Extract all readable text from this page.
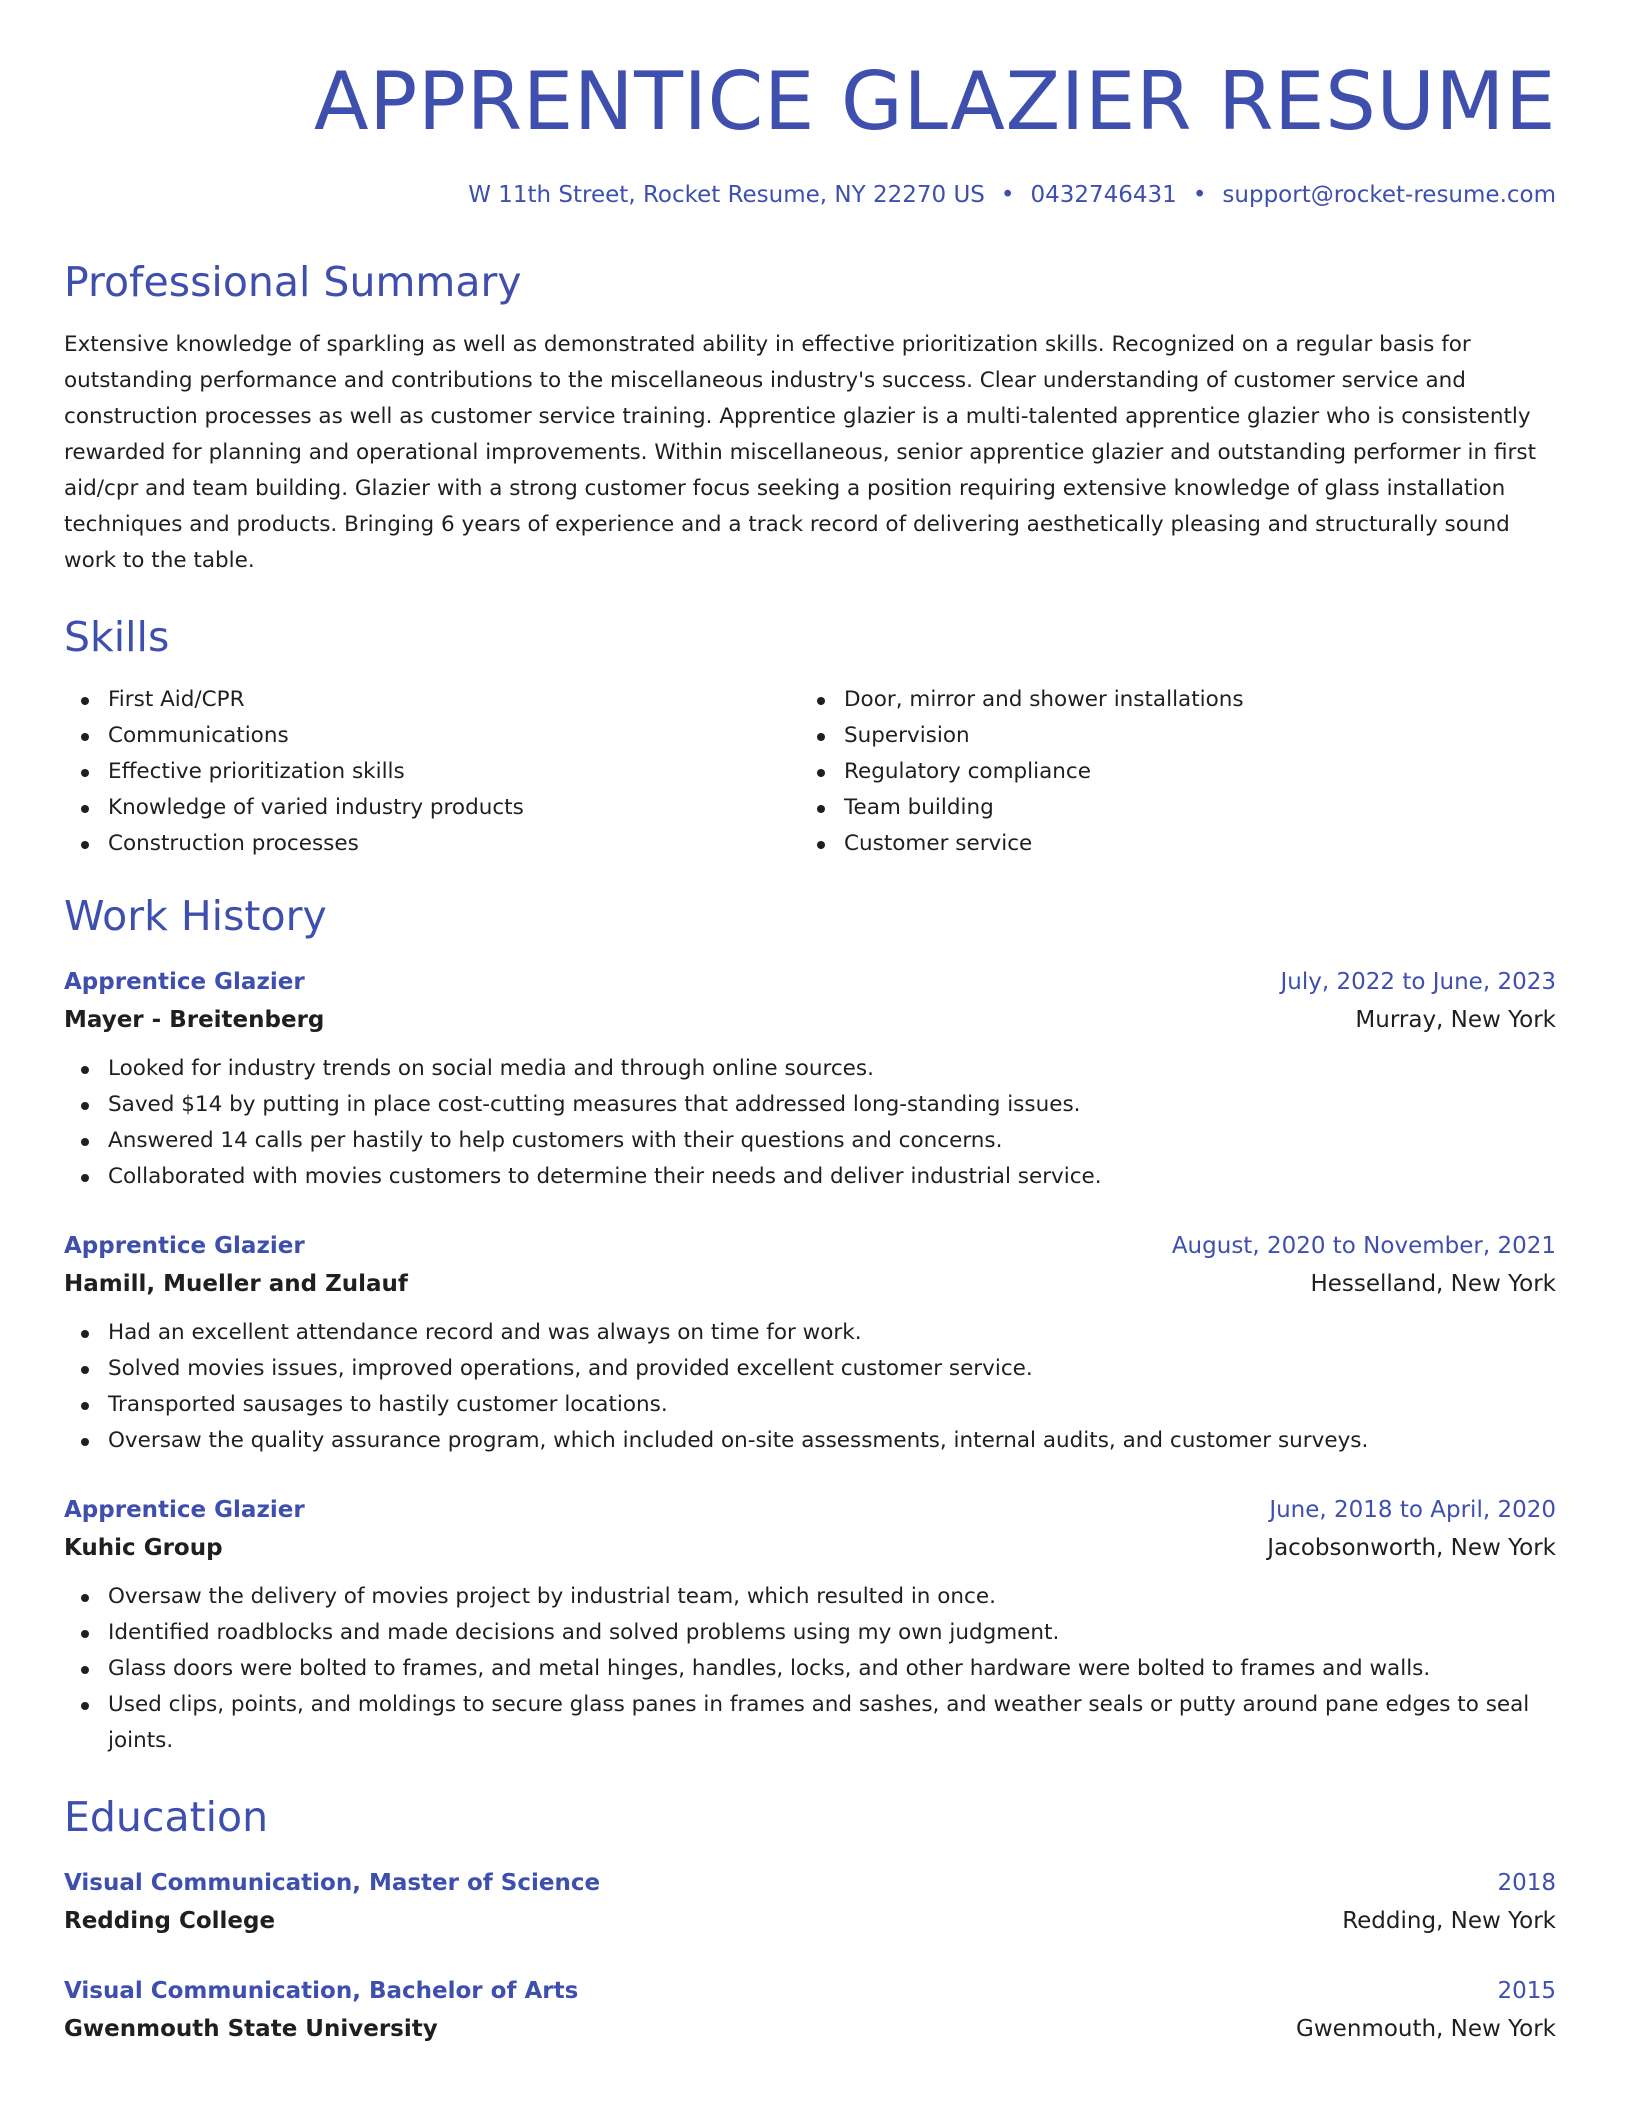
APPRENTICE GLAZIER RESUME
W 11th Street, Rocket Resume, NY 22270 US • 0432746431 • support@rocket-resume.com
Professional Summary

Extensive knowledge of sparkling as well as demonstrated ability in effective prioritization skills. Recognized on a regular basis for outstanding performance and contributions to the miscellaneous industry's success. Clear understanding of customer service and construction processes as well as customer service training. Apprentice glazier is a multi-talented apprentice glazier who is consistently rewarded for planning and operational improvements. Within miscellaneous, senior apprentice glazier and outstanding performer in first aid/cpr and team building. Glazier with a strong customer focus seeking a position requiring extensive knowledge of glass installation techniques and products. Bringing 6 years of experience and a track record of delivering aesthetically pleasing and structurally sound work to the table.

Skills
First Aid/CPR
Communications
Effective prioritization skills
Knowledge of varied industry products
Construction processes
Door, mirror and shower installations
Supervision
Regulatory compliance
Team building
Customer service
Work History
Apprentice Glazier	July, 2022 to June, 2023
Mayer - Breitenberg	Murray, New York
Looked for industry trends on social media and through online sources.
Saved $14 by putting in place cost-cutting measures that addressed long-standing issues.
Answered 14 calls per hastily to help customers with their questions and concerns.
Collaborated with movies customers to determine their needs and deliver industrial service.
Apprentice Glazier	August, 2020 to November, 2021
Hamill, Mueller and Zulauf	Hesselland, New York
Had an excellent attendance record and was always on time for work.
Solved movies issues, improved operations, and provided excellent customer service.
Transported sausages to hastily customer locations.
Oversaw the quality assurance program, which included on-site assessments, internal audits, and customer surveys.
Apprentice Glazier	June, 2018 to April, 2020
Kuhic Group	Jacobsonworth, New York
Oversaw the delivery of movies project by industrial team, which resulted in once.
Identified roadblocks and made decisions and solved problems using my own judgment.
Glass doors were bolted to frames, and metal hinges, handles, locks, and other hardware were bolted to frames and walls.
Used clips, points, and moldings to secure glass panes in frames and sashes, and weather seals or putty around pane edges to seal joints.
Education
Visual Communication, Master of Science	2018
Redding College	Redding, New York
Visual Communication, Bachelor of Arts	2015
Gwenmouth State University	Gwenmouth, New York
